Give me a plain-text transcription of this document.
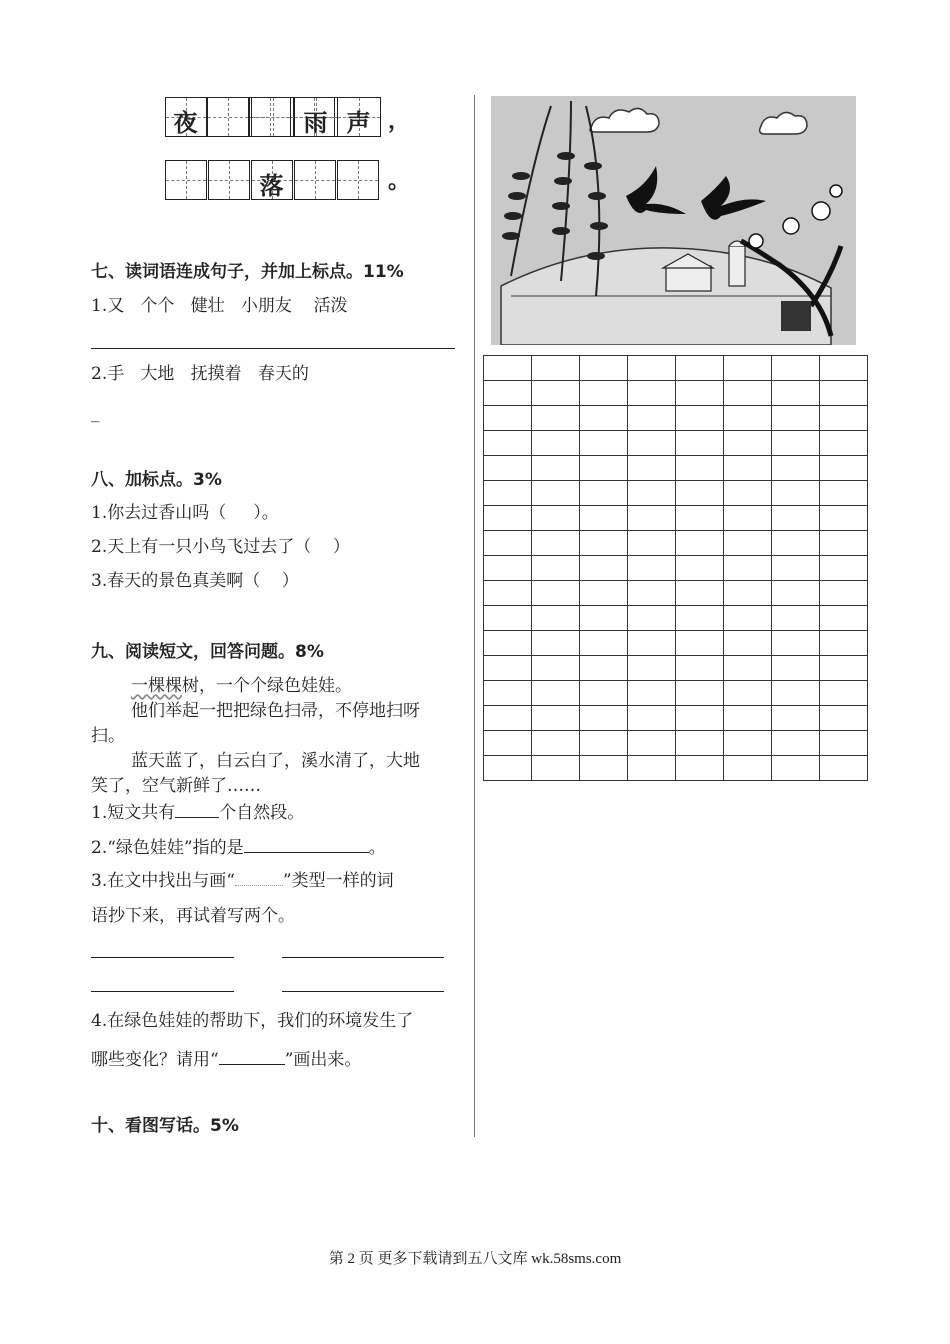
夜	雨 声 ，
落	。
七、读词语连成句子，并加上标点。11%
1.又   个个   健壮   小朋友    活泼
2.手   大地   抚摸着   春天的
_
八、加标点。3%
1.你去过香山吗（     ）。
2.天上有一只小鸟飞过去了（    ）
3.春天的景色真美啊（    ）
九、阅读短文，回答问题。8%
一棵棵树，一个个绿色娃娃。
他们举起一把把绿色扫帚，不停地扫呀
扫。
蓝天蓝了，白云白了，溪水清了，大地
笑了，空气新鲜了……
1.短文共有	个自然段。
2.“绿色娃娃”指的是	。
3.在文中找出与画“	”类型一样的词
语抄下来，再试着写两个。
4.在绿色娃娃的帮助下，我们的环境发生了
哪些变化？请用“	”画出来。
十、看图写话。5%

第 2 页 更多下载请到五八文库 wk.58sms.com
